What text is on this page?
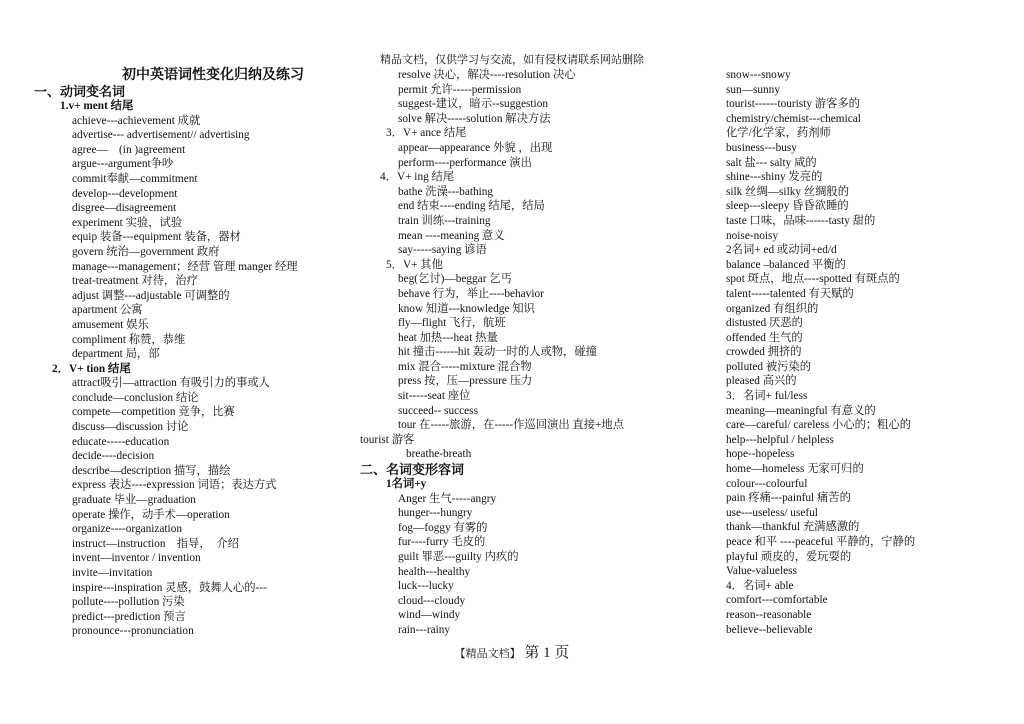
精品文档，仅供学习与交流，如有侵权请联系网站删除
初中英语词性变化归纳及练习
一、动词变名词
1.v+ ment 结尾
achieve---achievement 成就
advertise--- advertisement// advertising
agree—　(in )agreement
argue---argument争吵
commit奉献—commitment
develop---development
disgree—disagreement
experiment 实验，试验
equip 装备---equipment 装备，器材
govern 统治—government 政府
manage---management；经营 管理 manger 经理
treat-treatment 对待，治疗
adjust 调整---adjustable 可调整的
apartment 公寓
amusement 娱乐
compliment 称赞，恭维
department 局，部
2．V+ tion 结尾
attract吸引—attraction 有吸引力的事或人
conclude—conclusion 结论
compete—competition 竞争，比赛
discuss—discussion 讨论
educate-----education
decide----decision
describe—description 描写，描绘
express 表达----expression 词语；表达方式
graduate 毕业—graduation
operate 操作，动手术—operation
organize----organization
instruct—instruction　指导，　介绍
invent—inventor / invention
invite—invitation
inspire---inspiration 灵感，鼓舞人心的---
pollute----pollution 污染
predict---prediction 预言
pronounce---pronunciation
resolve 决心，解决----resolution 决心
permit 允许-----permission
suggest-建议，暗示--suggestion
solve 解决-----solution 解决方法
3．V+ ance 结尾
appear—appearance 外貌 ，出现
perform----performance 演出
4．V+ ing 结尾
bathe 洗澡---bathing
end 结束----ending 结尾，结局
train 训练---training
mean ----meaning 意义
say-----saying 谚语
5．V+ 其他
beg(乞讨)—beggar 乞丐
behave 行为，举止----behavior
know 知道---knowledge 知识
fly—flight 飞行，航班
heat 加热---heat 热量
hit 撞击------hit 轰动一时的人或物，碰撞
mix 混合-----mixture 混合物
press 按，压—pressure 压力
sit-----seat 座位
succeed-- success
tour 在-----旅游，在-----作巡回演出 直接+地点
tourist 游客
breathe-breath
二、名词变形容词
1名词+y
Anger 生气-----angry
hunger---hungry
fog—foggy 有雾的
fur----furry 毛皮的
guilt 罪恶---guilty 内疚的
health---healthy
luck---lucky
cloud---cloudy
wind—windy
rain---rainy
snow---snowy
sun—sunny
tourist------touristy 游客多的
chemistry/chemist---chemical
化学/化学家，药剂师
business---busy
salt 盐--- salty 咸的
shine---shiny 发亮的
silk 丝绸—silky 丝绸般的
sleep---sleepy 昏昏欲睡的
taste 口味，品味------tasty 甜的
noise-noisy
2名词+ ed 或动词+ed/d
balance –balanced 平衡的
spot 斑点，地点----spotted 有斑点的
talent-----talented 有天赋的
organized 有组织的
distusted 厌恶的
offended 生气的
crowded 拥挤的
polluted 被污染的
pleased 高兴的
3．名词+ ful/less
meaning—meaningful 有意义的
care—careful/ careless 小心的；粗心的
help---helpful / helpless
hope--hopeless
home—homeless 无家可归的
colour---colourful
pain 疼痛---painful 痛苦的
use---useless/ useful
thank—thankful 充满感激的
peace 和平 ----peaceful 平静的，宁静的
playful 顽皮的，爱玩耍的
Value-valueless
4．名词+ able
comfort---comfortable
reason--reasonable
believe--believable
【精品文档】 第 1 页
